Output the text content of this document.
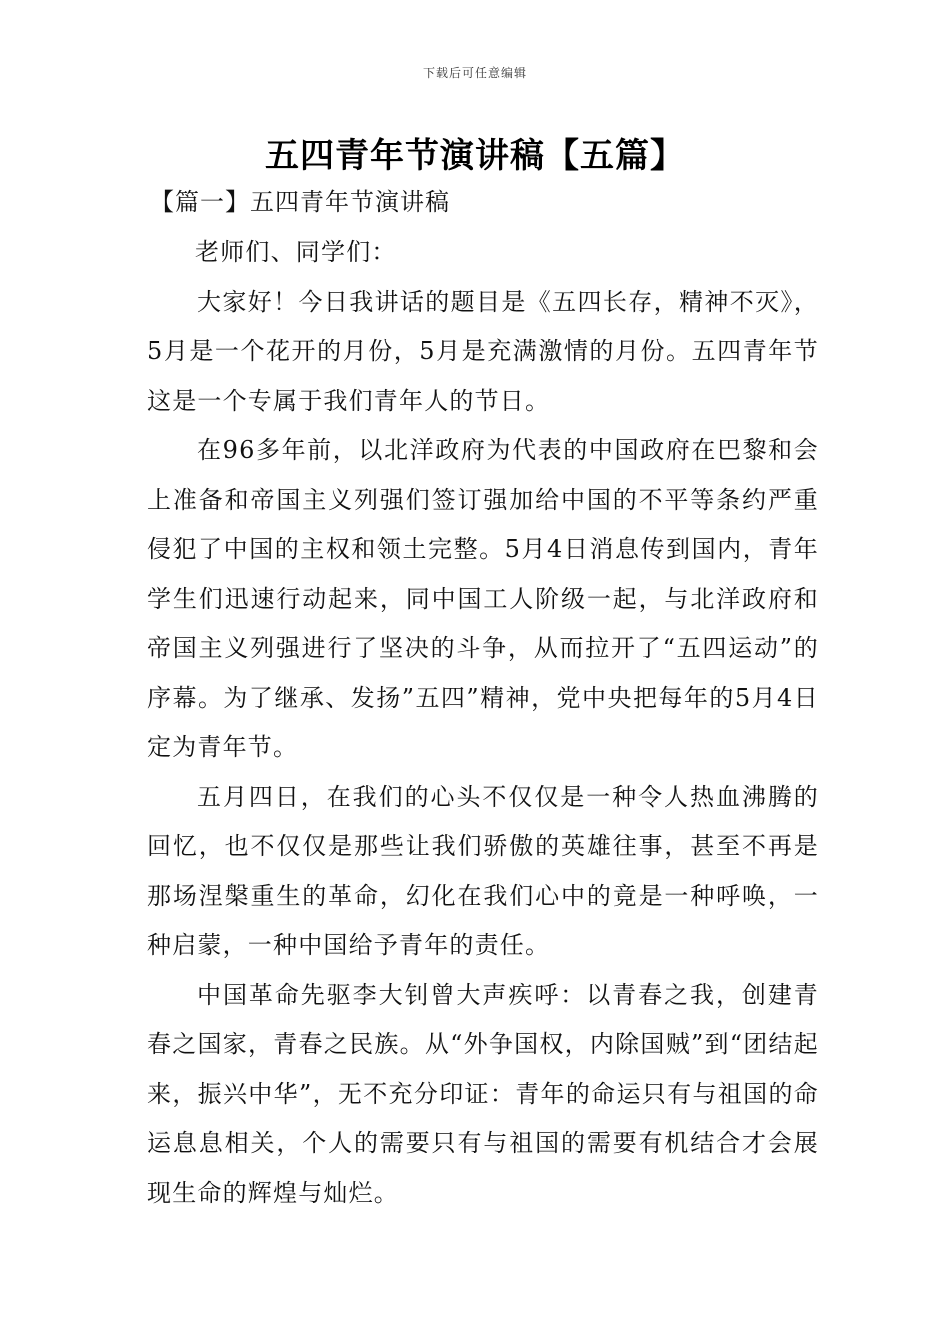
下载后可任意编辑
五四青年节演讲稿【五篇】
【篇一】五四青年节演讲稿

老师们、同学们：

大家好！今日我讲话的题目是《五四长存，精神不灭》，5月是一个花开的月份，5月是充满激情的月份。五四青年节这是一个专属于我们青年人的节日。

在96多年前，以北洋政府为代表的中国政府在巴黎和会上准备和帝国主义列强们签订强加给中国的不平等条约严重侵犯了中国的主权和领土完整。5月4日消息传到国内，青年学生们迅速行动起来，同中国工人阶级一起，与北洋政府和帝国主义列强进行了坚决的斗争，从而拉开了“五四运动”的序幕。为了继承、发扬”五四”精神，党中央把每年的5月4日定为青年节。

五月四日，在我们的心头不仅仅是一种令人热血沸腾的回忆，也不仅仅是那些让我们骄傲的英雄往事，甚至不再是那场涅槃重生的革命，幻化在我们心中的竟是一种呼唤，一种启蒙，一种中国给予青年的责任。

中国革命先驱李大钊曾大声疾呼：以青春之我，创建青春之国家，青春之民族。从“外争国权，内除国贼”到“团结起来，振兴中华”，无不充分印证：青年的命运只有与祖国的命运息息相关，个人的需要只有与祖国的需要有机结合才会展现生命的辉煌与灿烂。
